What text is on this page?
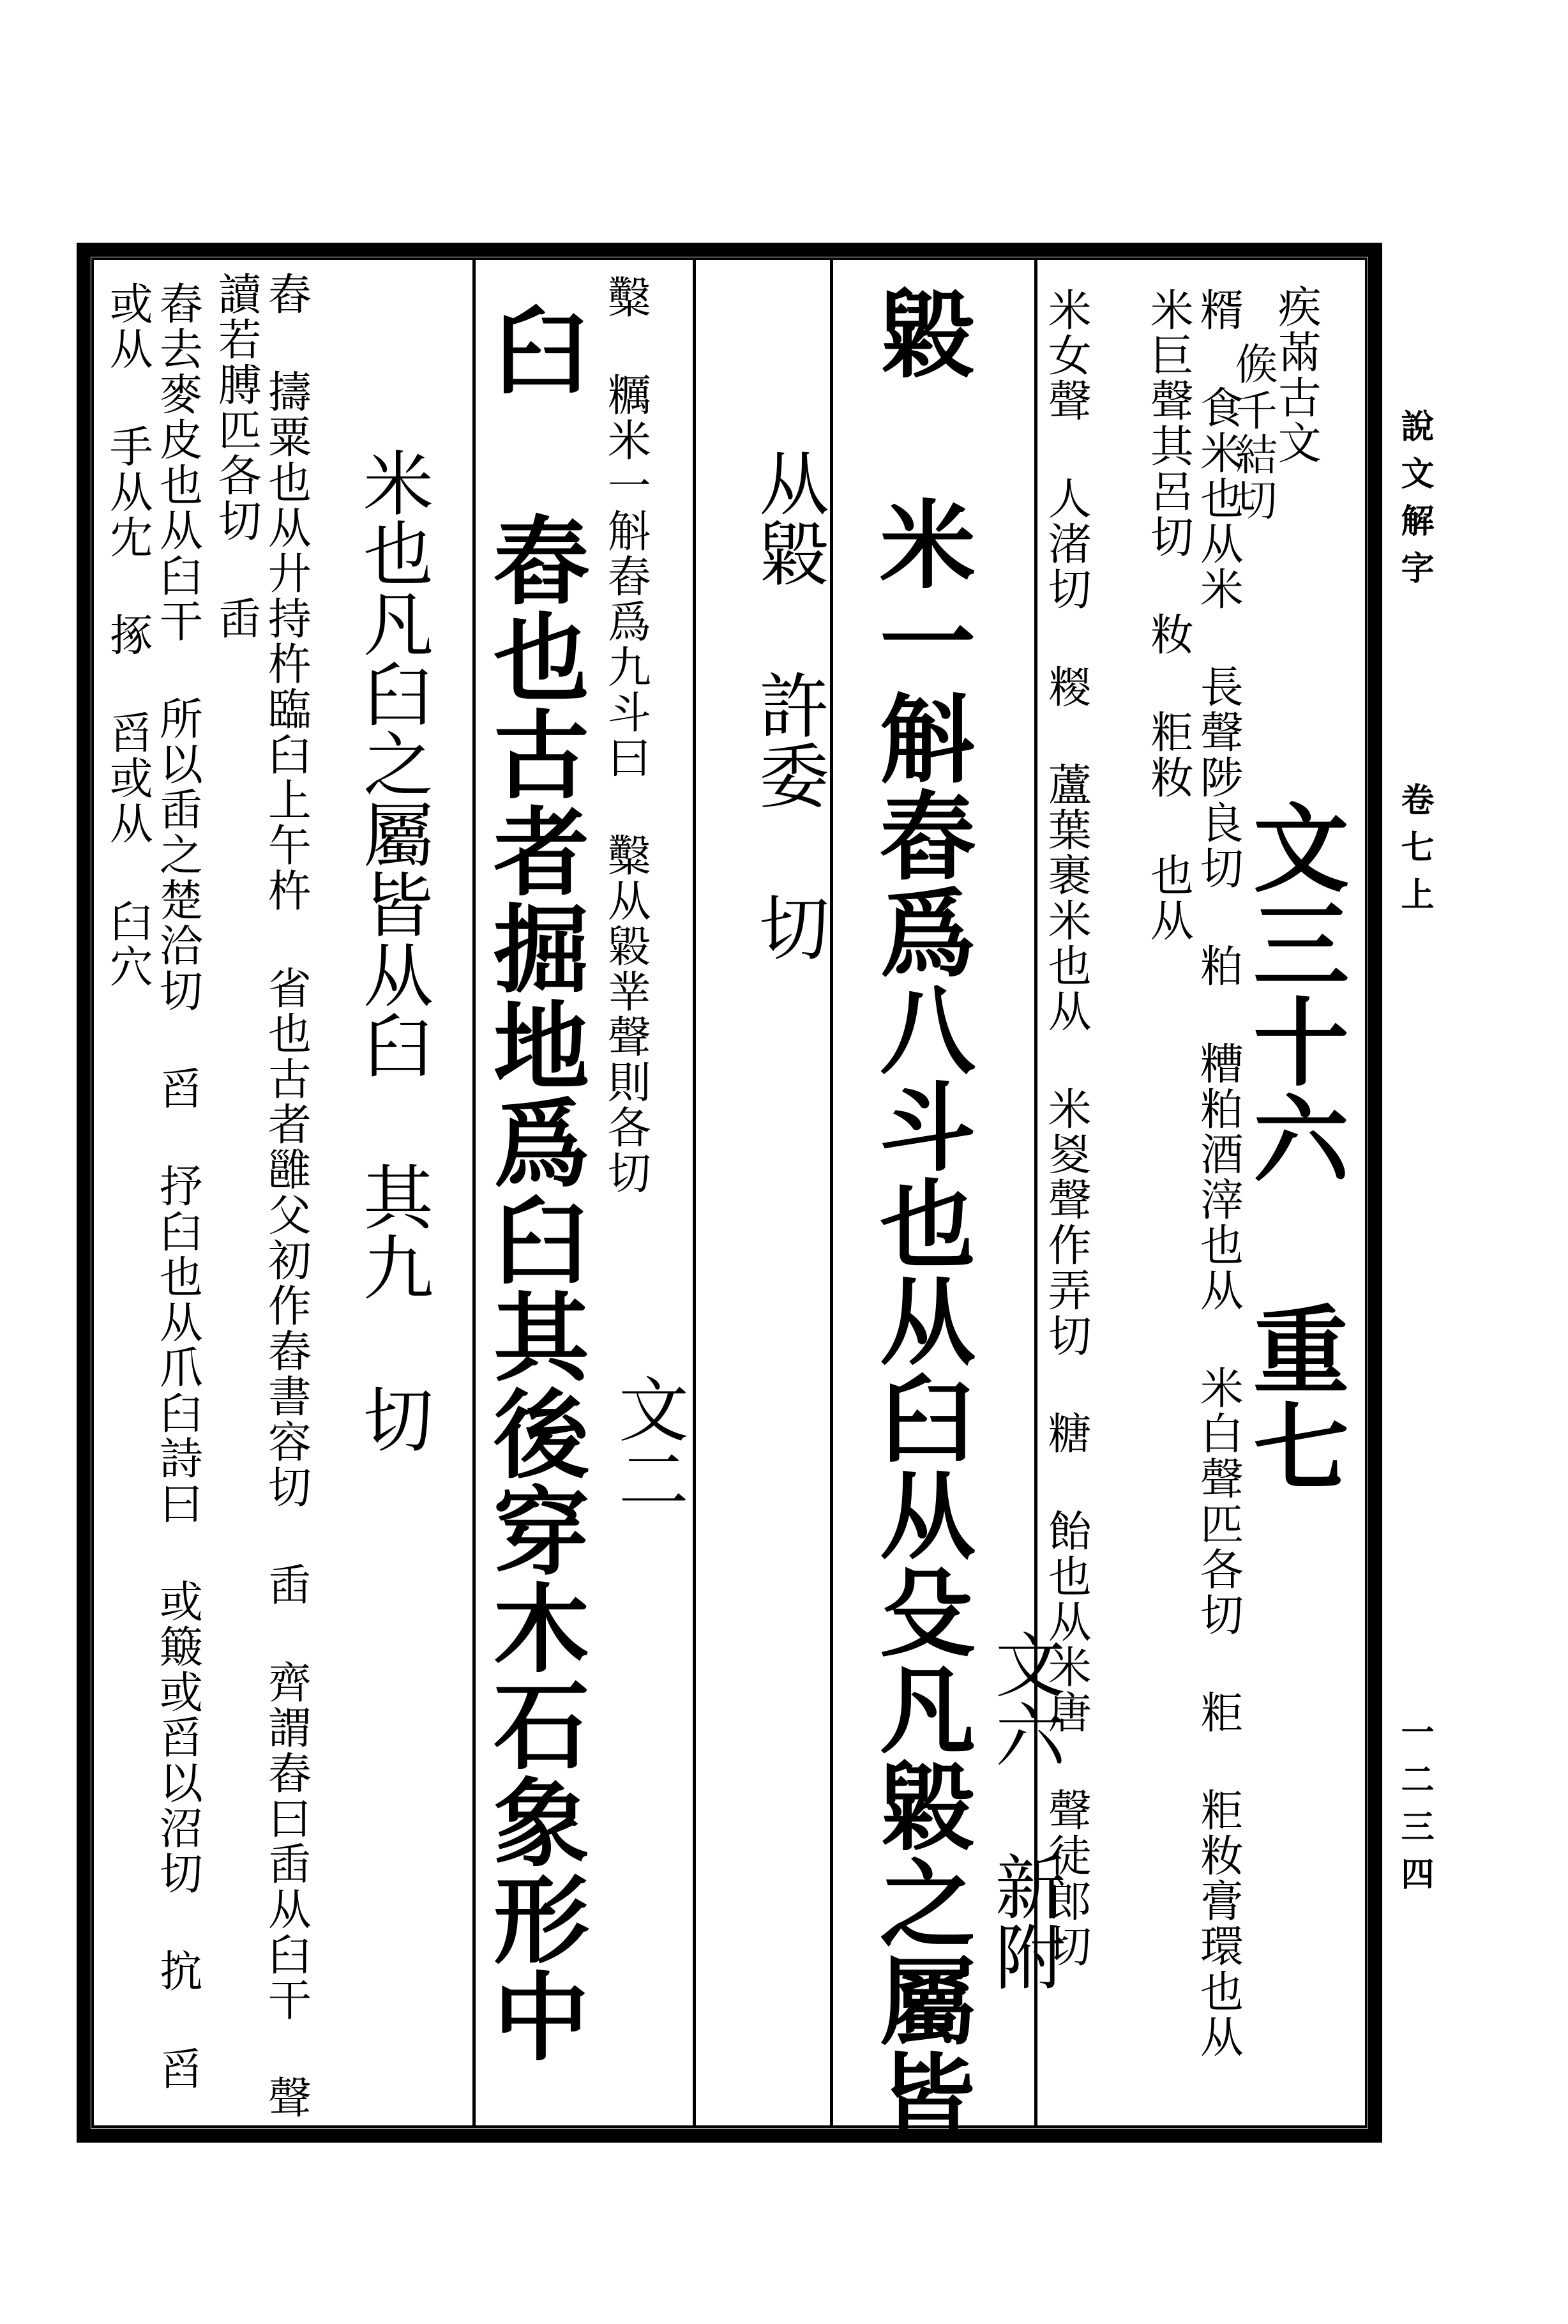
說文解字
卷七上
一二三四
疾㒼古文
𠊱千結切
糈 食米也从米 長聲陟良切 粕 糟粕酒滓也从 米白聲匹各切 粔 粔籹膏環也从 米巨聲其呂切 籹 粔籹 也从
米女聲 人渚切 糉 蘆葉裹米也从 米㚇聲作弄切 糖 飴也从米唐 聲徒郎切 文三十六 重七
毇 米一斛舂爲八斗也从臼从殳凡毇之屬皆 文六 新附
从毇 許委 切
糳 糲米一斛舂爲九斗曰 糳从毇丵聲則各切
文二
臼 舂也古者掘地爲臼其後穿木石象形中
米也凡臼之屬皆从臼 其九 切
舂 擣粟也从廾持杵臨臼上午杵 省也古者雝父初作舂書容切 臿 齊謂舂曰臿从臼干 聲讀若膊匹各切 臿
舂去麥皮也从臼干 所以臿之楚洽切 舀 抒臼也从爪臼詩曰 或簸或舀以沼切 抭 舀或从 手从冘 㧻 舀或从 臼穴
